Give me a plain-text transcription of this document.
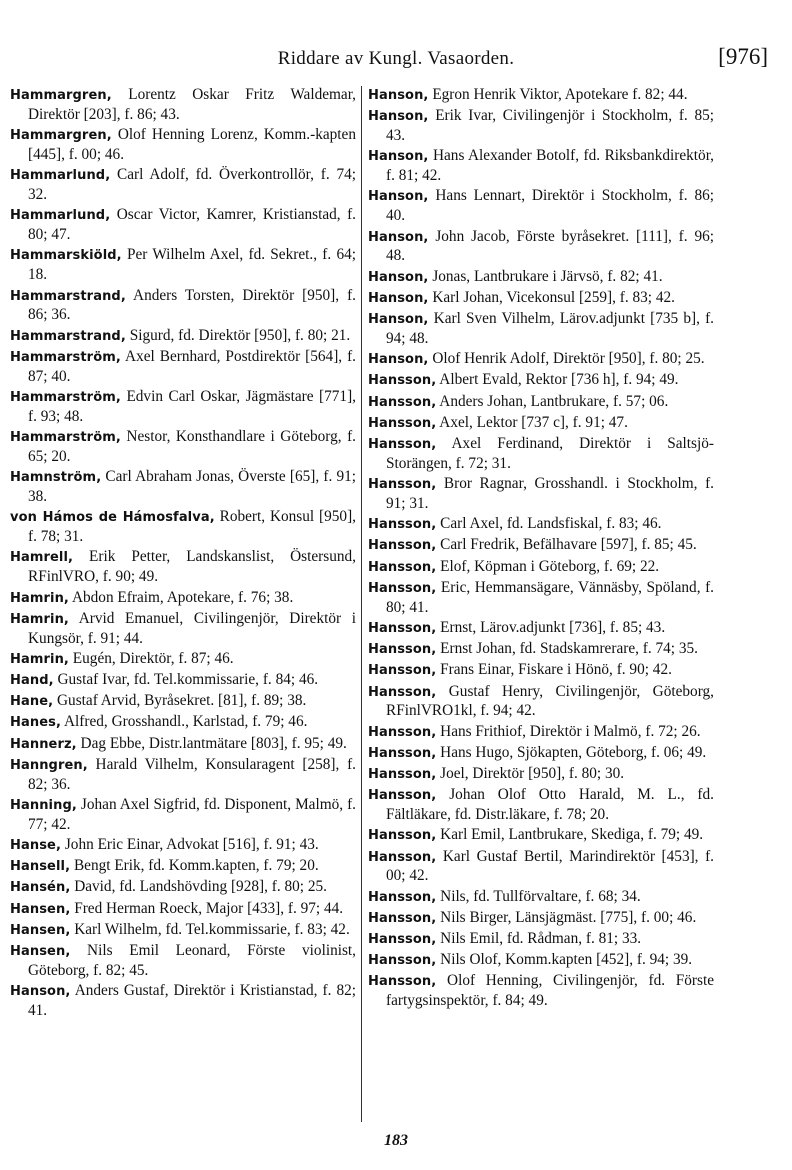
Riddare av Kungl. Vasaorden.	[976]

Hammargren, Lorentz Oskar Fritz Waldemar, Direktör [203], f. 86; 43.

Hammargren, Olof Henning Lorenz, Komm.-kapten [445], f. 00; 46.

Hammarlund, Carl Adolf, fd. Överkontrollör, f. 74; 32.

Hammarlund, Oscar Victor, Kamrer, Kristianstad, f. 80; 47.

Hammarskiöld, Per Wilhelm Axel, fd. Sekret., f. 64; 18.

Hammarstrand, Anders Torsten, Direktör [950], f. 86; 36.

Hammarstrand, Sigurd, fd. Direktör [950], f. 80; 21.

Hammarström, Axel Bernhard, Postdirektör [564], f. 87; 40.

Hammarström, Edvin Carl Oskar, Jägmästare [771], f. 93; 48.

Hammarström, Nestor, Konsthandlare i Göteborg, f. 65; 20.

Hamnström, Carl Abraham Jonas, Överste [65], f. 91; 38.

von Hámos de Hámosfalva, Robert, Konsul [950], f. 78; 31.

Hamrell, Erik Petter, Landskanslist, Östersund, RFinlVRO, f. 90; 49.

Hamrin, Abdon Efraim, Apotekare, f. 76; 38.

Hamrin, Arvid Emanuel, Civilingenjör, Direktör i Kungsör, f. 91; 44.

Hamrin, Eugén, Direktör, f. 87; 46.

Hand, Gustaf Ivar, fd. Tel.kommissarie, f. 84; 46.

Hane, Gustaf Arvid, Byråsekret. [81], f. 89; 38.

Hanes, Alfred, Grosshandl., Karlstad, f. 79; 46.

Hannerz, Dag Ebbe, Distr.lantmätare [803], f. 95; 49.

Hanngren, Harald Vilhelm, Konsularagent [258], f. 82; 36.

Hanning, Johan Axel Sigfrid, fd. Disponent, Malmö, f. 77; 42.

Hanse, John Eric Einar, Advokat [516], f. 91; 43.

Hansell, Bengt Erik, fd. Komm.kapten, f. 79; 20.

Hansén, David, fd. Landshövding [928], f. 80; 25.

Hansen, Fred Herman Roeck, Major [433], f. 97; 44.

Hansen, Karl Wilhelm, fd. Tel.kommissarie, f. 83; 42.

Hansen, Nils Emil Leonard, Förste violinist, Göteborg, f. 82; 45.

Hanson, Anders Gustaf, Direktör i Kristianstad, f. 82; 41.

Hanson, Egron Henrik Viktor, Apotekare f. 82; 44.

Hanson, Erik Ivar, Civilingenjör i Stockholm, f. 85; 43.

Hanson, Hans Alexander Botolf, fd. Riksbankdirektör, f. 81; 42.

Hanson, Hans Lennart, Direktör i Stockholm, f. 86; 40.

Hanson, John Jacob, Förste byråsekret. [111], f. 96; 48.

Hanson, Jonas, Lantbrukare i Järvsö, f. 82; 41.

Hanson, Karl Johan, Vicekonsul [259], f. 83; 42.

Hanson, Karl Sven Vilhelm, Lärov.adjunkt [735 b], f. 94; 48.

Hanson, Olof Henrik Adolf, Direktör [950], f. 80; 25.

Hansson, Albert Evald, Rektor [736 h], f. 94; 49.

Hansson, Anders Johan, Lantbrukare, f. 57; 06.

Hansson, Axel, Lektor [737 c], f. 91; 47.

Hansson, Axel Ferdinand, Direktör i Saltsjö-Storängen, f. 72; 31.

Hansson, Bror Ragnar, Grosshandl. i Stockholm, f. 91; 31.

Hansson, Carl Axel, fd. Landsfiskal, f. 83; 46.

Hansson, Carl Fredrik, Befälhavare [597], f. 85; 45.

Hansson, Elof, Köpman i Göteborg, f. 69; 22.

Hansson, Eric, Hemmansägare, Vännäsby, Spöland, f. 80; 41.

Hansson, Ernst, Lärov.adjunkt [736], f. 85; 43.

Hansson, Ernst Johan, fd. Stadskamrerare, f. 74; 35.

Hansson, Frans Einar, Fiskare i Hönö, f. 90; 42.

Hansson, Gustaf Henry, Civilingenjör, Göteborg, RFinlVRO1kl, f. 94; 42.

Hansson, Hans Frithiof, Direktör i Malmö, f. 72; 26.

Hansson, Hans Hugo, Sjökapten, Göteborg, f. 06; 49.

Hansson, Joel, Direktör [950], f. 80; 30.

Hansson, Johan Olof Otto Harald, M. L., fd. Fältläkare, fd. Distr.läkare, f. 78; 20.

Hansson, Karl Emil, Lantbrukare, Skediga, f. 79; 49.

Hansson, Karl Gustaf Bertil, Marindirektör [453], f. 00; 42.

Hansson, Nils, fd. Tullförvaltare, f. 68; 34.

Hansson, Nils Birger, Länsjägmäst. [775], f. 00; 46.

Hansson, Nils Emil, fd. Rådman, f. 81; 33.

Hansson, Nils Olof, Komm.kapten [452], f. 94; 39.

Hansson, Olof Henning, Civilingenjör, fd. Förste fartygsinspektör, f. 84; 49.

183
